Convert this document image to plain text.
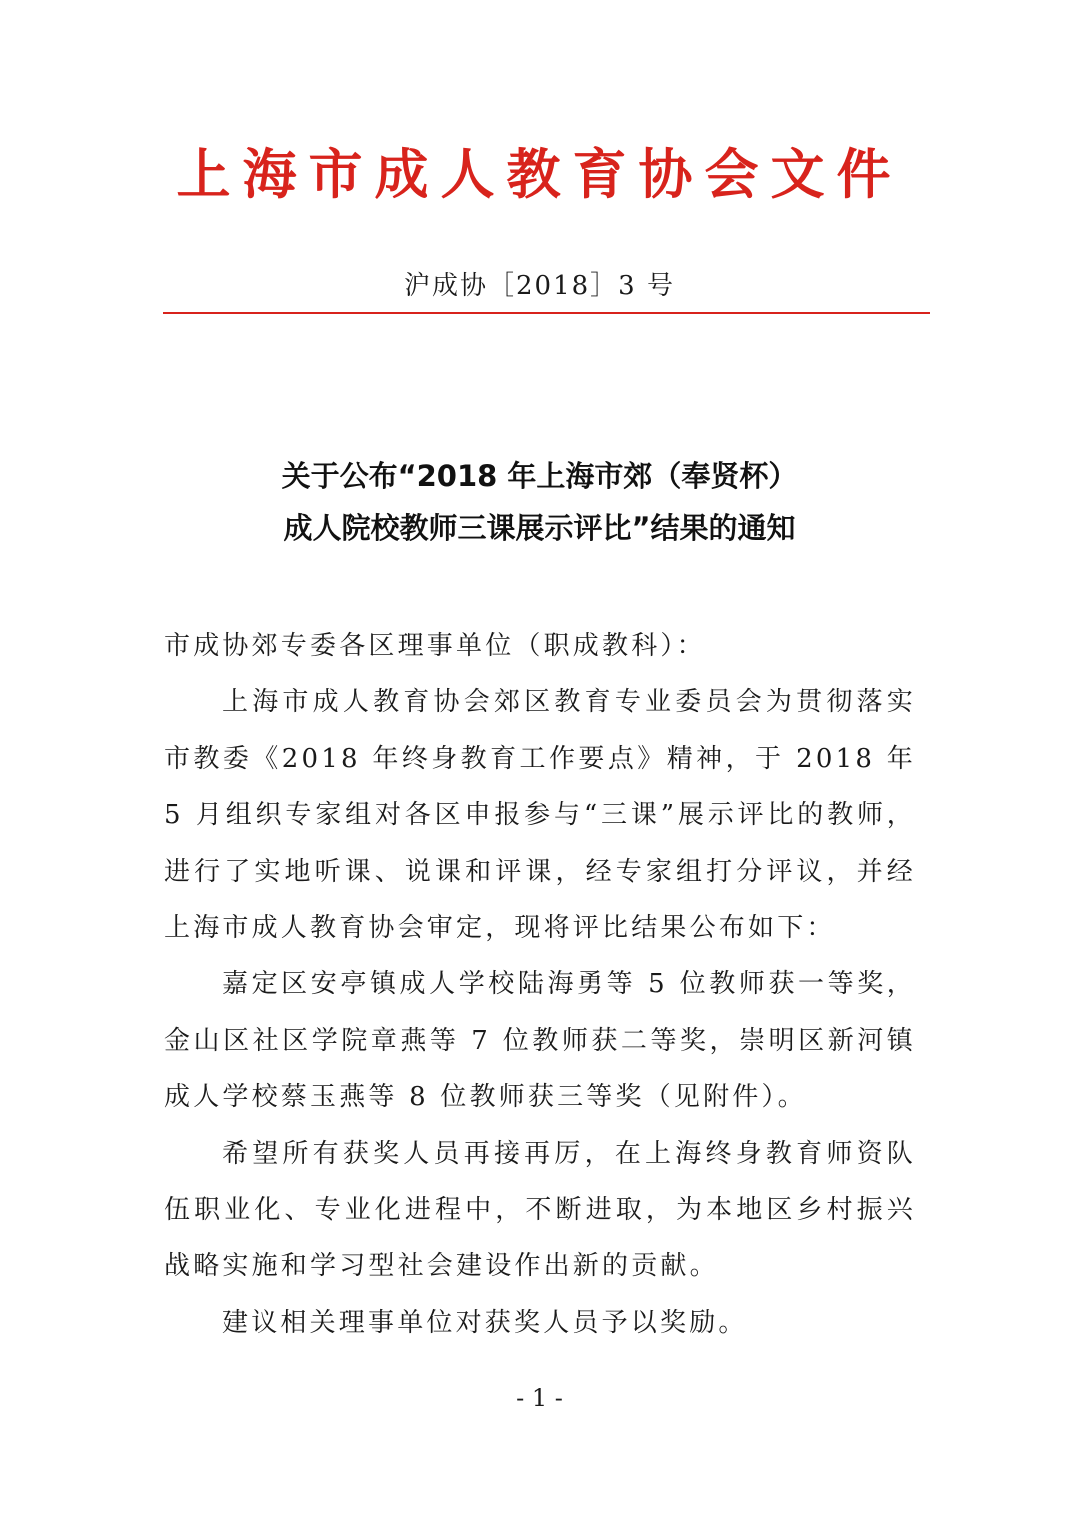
上海市成人教育协会文件
沪成协［2018］3 号
关于公布“2018 年上海市郊（奉贤杯）
成人院校教师三课展示评比”结果的通知

市成协郊专委各区理事单位（职成教科）：

上海市成人教育协会郊区教育专业委员会为贯彻落实市教委《2018 年终身教育工作要点》精神，于 2018 年 5 月组织专家组对各区申报参与“三课”展示评比的教师，进行了实地听课、说课和评课，经专家组打分评议，并经上海市成人教育协会审定，现将评比结果公布如下：

嘉定区安亭镇成人学校陆海勇等 5 位教师获一等奖，金山区社区学院章燕等 7 位教师获二等奖，崇明区新河镇成人学校蔡玉燕等 8 位教师获三等奖（见附件）。

希望所有获奖人员再接再厉，在上海终身教育师资队伍职业化、专业化进程中，不断进取，为本地区乡村振兴战略实施和学习型社会建设作出新的贡献。

建议相关理事单位对获奖人员予以奖励。

- 1 -
